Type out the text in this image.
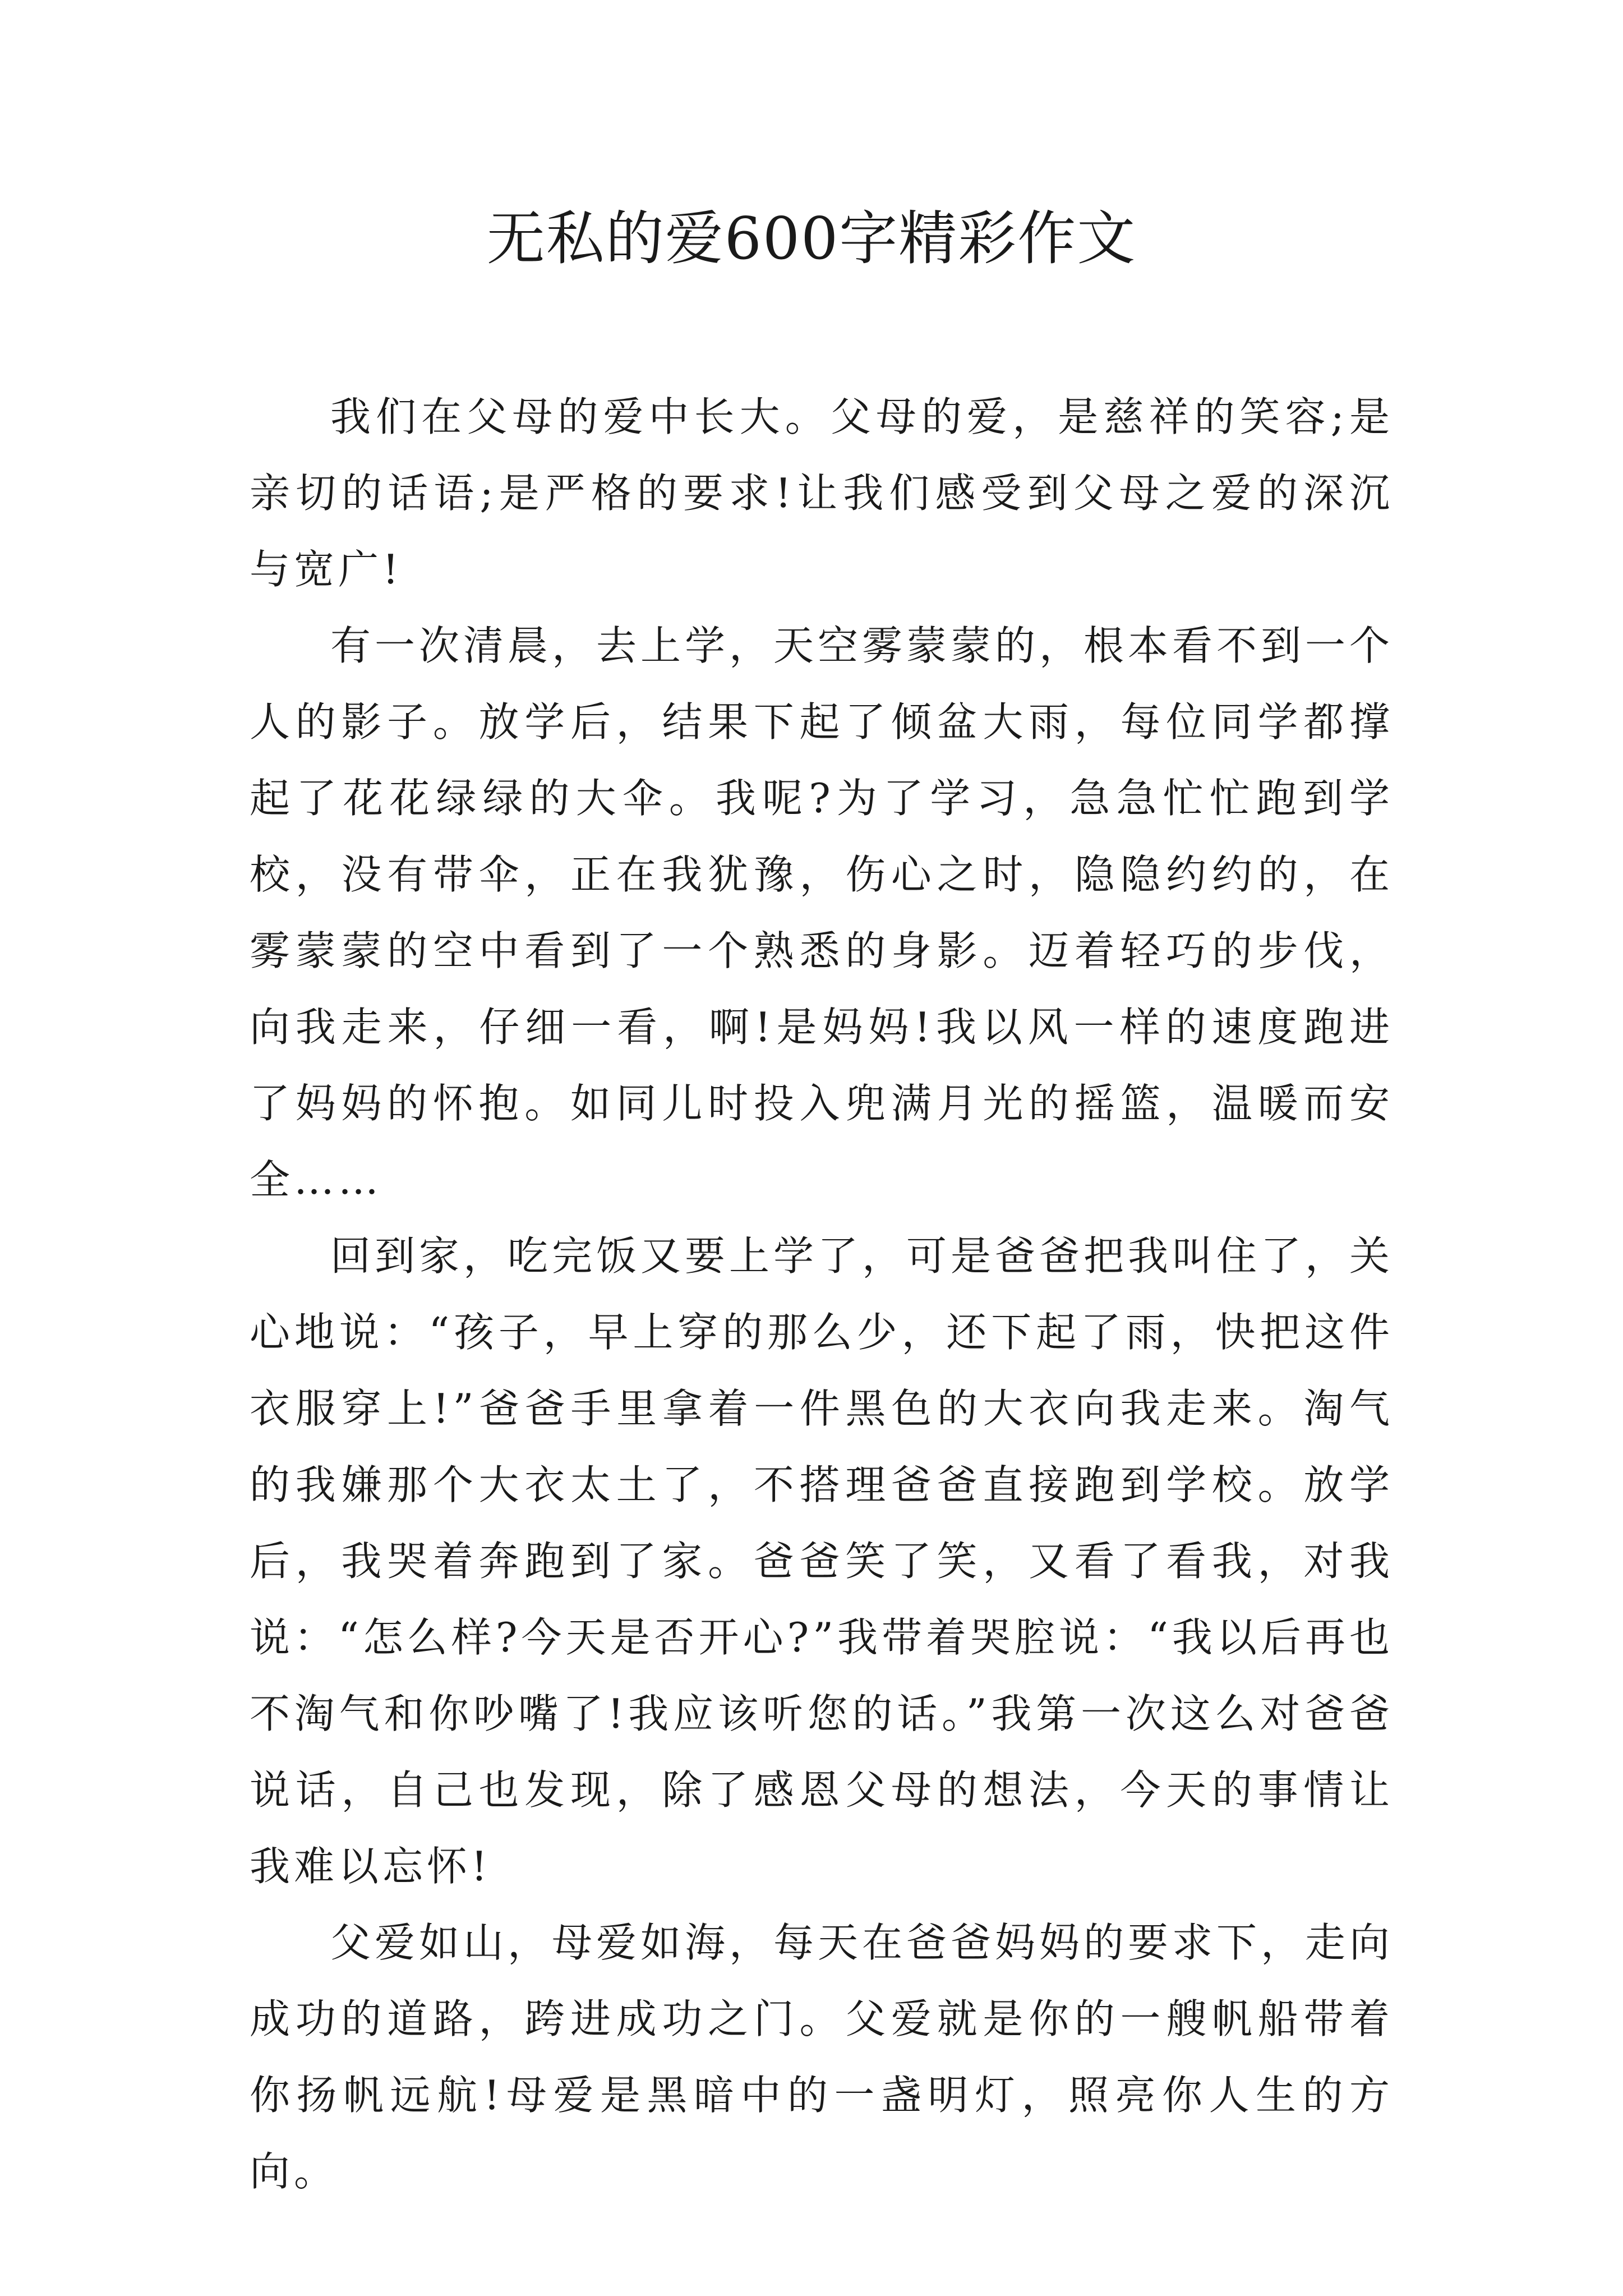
无私的爱600字精彩作文

我们在父母的爱中长大。父母的爱，是慈祥的笑容;是亲切的话语;是严格的要求!让我们感受到父母之爱的深沉与宽广!

有一次清晨，去上学，天空雾蒙蒙的，根本看不到一个人的影子。放学后，结果下起了倾盆大雨，每位同学都撑起了花花绿绿的大伞。我呢?为了学习，急急忙忙跑到学校，没有带伞，正在我犹豫，伤心之时，隐隐约约的，在雾蒙蒙的空中看到了一个熟悉的身影。迈着轻巧的步伐，向我走来，仔细一看，啊!是妈妈!我以风一样的速度跑进了妈妈的怀抱。如同儿时投入兜满月光的摇篮，温暖而安全……

回到家，吃完饭又要上学了，可是爸爸把我叫住了，关心地说：“孩子，早上穿的那么少，还下起了雨，快把这件衣服穿上!”爸爸手里拿着一件黑色的大衣向我走来。淘气的我嫌那个大衣太土了，不搭理爸爸直接跑到学校。放学后，我哭着奔跑到了家。爸爸笑了笑，又看了看我，对我说：“怎么样?今天是否开心?”我带着哭腔说：“我以后再也不淘气和你吵嘴了!我应该听您的话。”我第一次这么对爸爸说话，自己也发现，除了感恩父母的想法，今天的事情让我难以忘怀!

父爱如山，母爱如海，每天在爸爸妈妈的要求下，走向成功的道路，跨进成功之门。父爱就是你的一艘帆船带着你扬帆远航!母爱是黑暗中的一盏明灯，照亮你人生的方向。
